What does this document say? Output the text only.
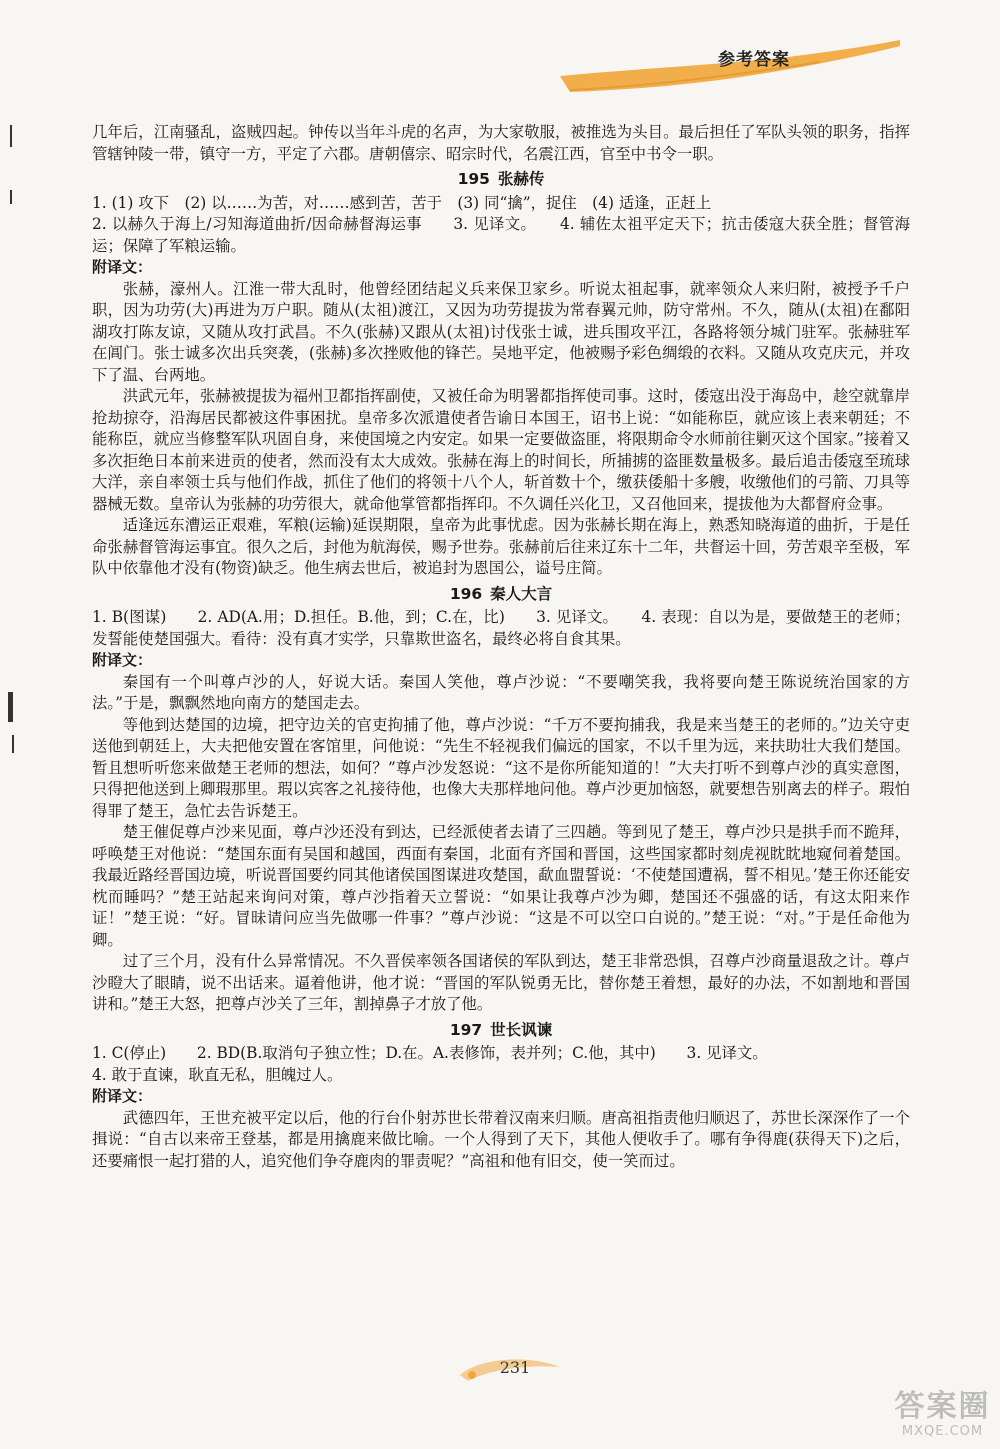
参考答案

几年后，江南骚乱，盗贼四起。钟传以当年斗虎的名声，为大家敬服，被推选为头目。最后担任了军队头领的职务，指挥管辖钟陵一带，镇守一方，平定了六郡。唐朝僖宗、昭宗时代，名震江西，官至中书令一职。

195 张赫传

1. (1) 攻下　(2) 以……为苦，对……感到苦，苦于　(3) 同“擒”，捉住　(4) 适逢，正赶上

2. 以赫久于海上/习知海道曲折/因命赫督海运事　　3. 见译文。　　4. 辅佐太祖平定天下；抗击倭寇大获全胜；督管海运；保障了军粮运输。

附译文：

张赫，濠州人。江淮一带大乱时，他曾经团结起义兵来保卫家乡。听说太祖起事，就率领众人来归附，被授予千户职，因为功劳(大)再进为万户职。随从(太祖)渡江，又因为功劳提拔为常春翼元帅，防守常州。不久，随从(太祖)在鄱阳湖攻打陈友谅，又随从攻打武昌。不久(张赫)又跟从(太祖)讨伐张士诚，进兵围攻平江，各路将领分城门驻军。张赫驻军在阊门。张士诚多次出兵突袭，(张赫)多次挫败他的锋芒。吴地平定，他被赐予彩色绸缎的衣料。又随从攻克庆元，并攻下了温、台两地。

洪武元年，张赫被提拔为福州卫都指挥副使，又被任命为明署都指挥使司事。这时，倭寇出没于海岛中，趁空就靠岸抢劫掠夺，沿海居民都被这件事困扰。皇帝多次派遣使者告谕日本国王，诏书上说：“如能称臣，就应该上表来朝廷；不能称臣，就应当修整军队巩固自身，来使国境之内安定。如果一定要做盗匪，将限期命令水师前往剿灭这个国家。”接着又多次拒绝日本前来进贡的使者，然而没有太大成效。张赫在海上的时间长，所捕掳的盗匪数量极多。最后追击倭寇至琉球大洋，亲自率领士兵与他们作战，抓住了他们的将领十八个人，斩首数十个，缴获倭船十多艘，收缴他们的弓箭、刀具等器械无数。皇帝认为张赫的功劳很大，就命他掌管都指挥印。不久调任兴化卫，又召他回来，提拔他为大都督府佥事。

适逢远东漕运正艰难，军粮(运输)延误期限，皇帝为此事忧虑。因为张赫长期在海上，熟悉知晓海道的曲折，于是任命张赫督管海运事宜。很久之后，封他为航海侯，赐予世券。张赫前后往来辽东十二年，共督运十回，劳苦艰辛至极，军队中依靠他才没有(物资)缺乏。他生病去世后，被追封为恩国公，谥号庄简。

196 秦人大言

1. B(图谋)　　2. AD(A.用；D.担任。B.他，到；C.在，比)　　3. 见译文。　　4. 表现：自以为是，要做楚王的老师；发誓能使楚国强大。看待：没有真才实学，只靠欺世盗名，最终必将自食其果。

附译文：

秦国有一个叫尊卢沙的人，好说大话。秦国人笑他，尊卢沙说：“不要嘲笑我，我将要向楚王陈说统治国家的方法。”于是，飘飘然地向南方的楚国走去。

等他到达楚国的边境，把守边关的官吏拘捕了他，尊卢沙说：“千万不要拘捕我，我是来当楚王的老师的。”边关守吏送他到朝廷上，大夫把他安置在客馆里，问他说：“先生不轻视我们偏远的国家，不以千里为远，来扶助壮大我们楚国。暂且想听听您来做楚王老师的想法，如何？”尊卢沙发怒说：“这不是你所能知道的！”大夫打听不到尊卢沙的真实意图，只得把他送到上卿瑕那里。瑕以宾客之礼接待他，也像大夫那样地问他。尊卢沙更加恼怒，就要想告别离去的样子。瑕怕得罪了楚王，急忙去告诉楚王。

楚王催促尊卢沙来见面，尊卢沙还没有到达，已经派使者去请了三四趟。等到见了楚王，尊卢沙只是拱手而不跪拜，呼唤楚王对他说：“楚国东面有吴国和越国，西面有秦国，北面有齐国和晋国，这些国家都时刻虎视眈眈地窥伺着楚国。我最近路经晋国边境，听说晋国要约同其他诸侯国图谋进攻楚国，歃血盟誓说：‘不使楚国遭祸，誓不相见。’楚王你还能安枕而睡吗？”楚王站起来询问对策，尊卢沙指着天立誓说：“如果让我尊卢沙为卿，楚国还不强盛的话，有这太阳来作证！”楚王说：“好。冒昧请问应当先做哪一件事？”尊卢沙说：“这是不可以空口白说的。”楚王说：“对。”于是任命他为卿。

过了三个月，没有什么异常情况。不久晋侯率领各国诸侯的军队到达，楚王非常恐惧，召尊卢沙商量退敌之计。尊卢沙瞪大了眼睛，说不出话来。逼着他讲，他才说：“晋国的军队锐勇无比，替你楚王着想，最好的办法，不如割地和晋国讲和。”楚王大怒，把尊卢沙关了三年，割掉鼻子才放了他。

197 世长讽谏

1. C(停止)　　2. BD(B.取消句子独立性；D.在。A.表修饰，表并列；C.他，其中)　　3. 见译文。

4. 敢于直谏，耿直无私，胆魄过人。

附译文：

武德四年，王世充被平定以后，他的行台仆射苏世长带着汉南来归顺。唐高祖指责他归顺迟了，苏世长深深作了一个揖说：“自古以来帝王登基，都是用擒鹿来做比喻。一个人得到了天下，其他人便收手了。哪有争得鹿(获得天下)之后，还要痛恨一起打猎的人，追究他们争夺鹿肉的罪责呢？”高祖和他有旧交，使一笑而过。

231
答案圈
MXQE.COM
